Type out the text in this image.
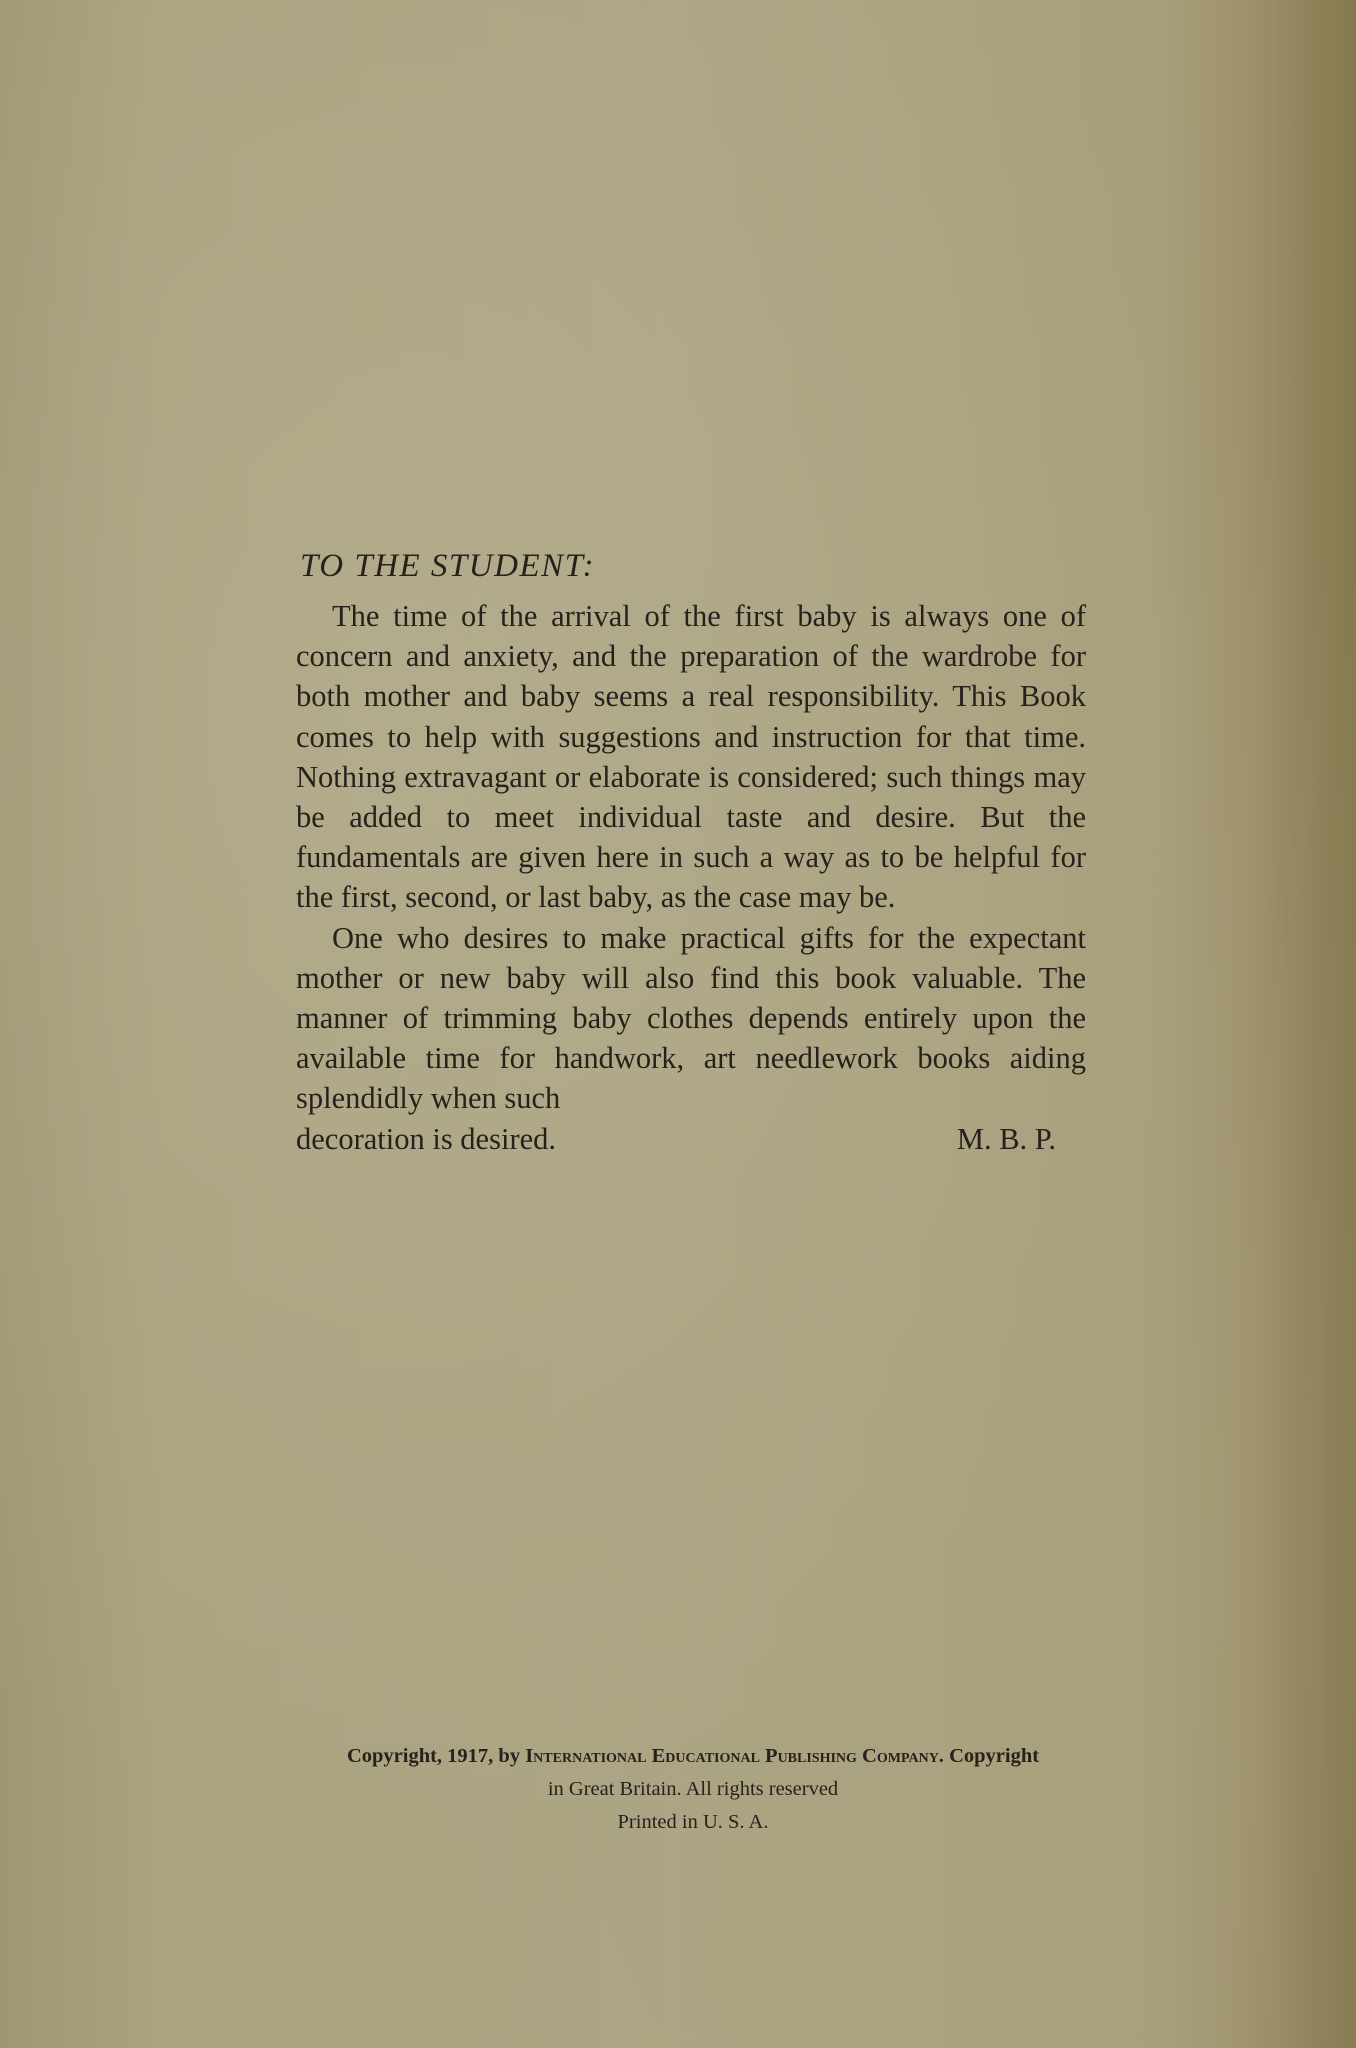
TO THE STUDENT:

The time of the arrival of the first baby is always one of concern and anxiety, and the preparation of the wardrobe for both mother and baby seems a real responsibility. This Book comes to help with suggestions and instruction for that time. Nothing extravagant or elaborate is considered; such things may be added to meet individual taste and desire. But the fundamentals are given here in such a way as to be helpful for the first, second, or last baby, as the case may be.

One who desires to make practical gifts for the expectant mother or new baby will also find this book valuable. The manner of trimming baby clothes depends entirely upon the available time for handwork, art needlework books aiding splendidly when such

decoration is desired.	M. B. P.
Copyright, 1917, by International Educational Publishing Company. Copyright
in Great Britain. All rights reserved
Printed in U. S. A.
